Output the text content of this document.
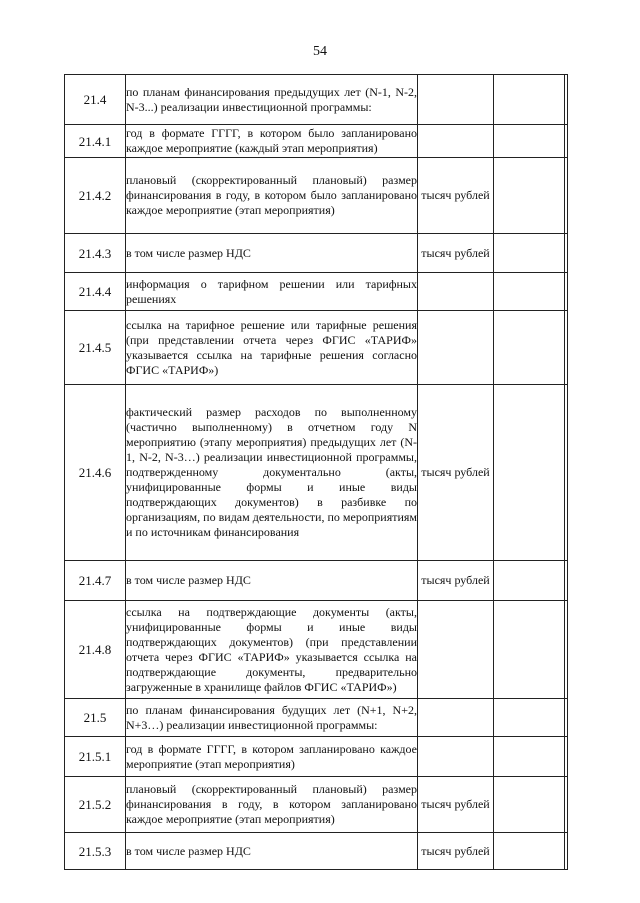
54
21.4	по планам финансирования предыдущих лет (N-1, N-2, N-3...) реализации инвестиционной программы:			
21.4.1	год в формате ГГГГ, в котором было запланировано каждое мероприятие (каждый этап мероприятия)			
21.4.2	плановый (скорректированный плановый) размер финансирования в году, в котором было запланировано каждое мероприятие (этап мероприятия)	тысяч рублей		
21.4.3	в том числе размер НДС	тысяч рублей		
21.4.4	информация о тарифном решении или тарифных решениях			
21.4.5	ссылка на тарифное решение или тарифные решения (при представлении отчета через ФГИС «ТАРИФ» указывается ссылка на тарифные решения согласно ФГИС «ТАРИФ»)			
21.4.6	фактический размер расходов по выполненному (частично выполненному) в отчетном году N мероприятию (этапу мероприятия) предыдущих лет (N-1, N-2, N-3…) реализации инвестиционной программы, подтвержденному документально (акты, унифицированные формы и иные виды подтверждающих документов) в разбивке по организациям, по видам деятельности, по мероприятиям и по источникам финансирования	тысяч рублей		
21.4.7	в том числе размер НДС	тысяч рублей		
21.4.8	ссылка на подтверждающие документы (акты, унифицированные формы и иные виды подтверждающих документов) (при представлении отчета через ФГИС «ТАРИФ» указывается ссылка на подтверждающие документы, предварительно загруженные в хранилище файлов ФГИС «ТАРИФ»)			
21.5	по планам финансирования будущих лет (N+1, N+2, N+3…) реализации инвестиционной программы:			
21.5.1	год в формате ГГГГ, в котором запланировано каждое мероприятие (этап мероприятия)			
21.5.2	плановый (скорректированный плановый) размер финансирования в году, в котором запланировано каждое мероприятие (этап мероприятия)	тысяч рублей		
21.5.3	в том числе размер НДС	тысяч рублей		
